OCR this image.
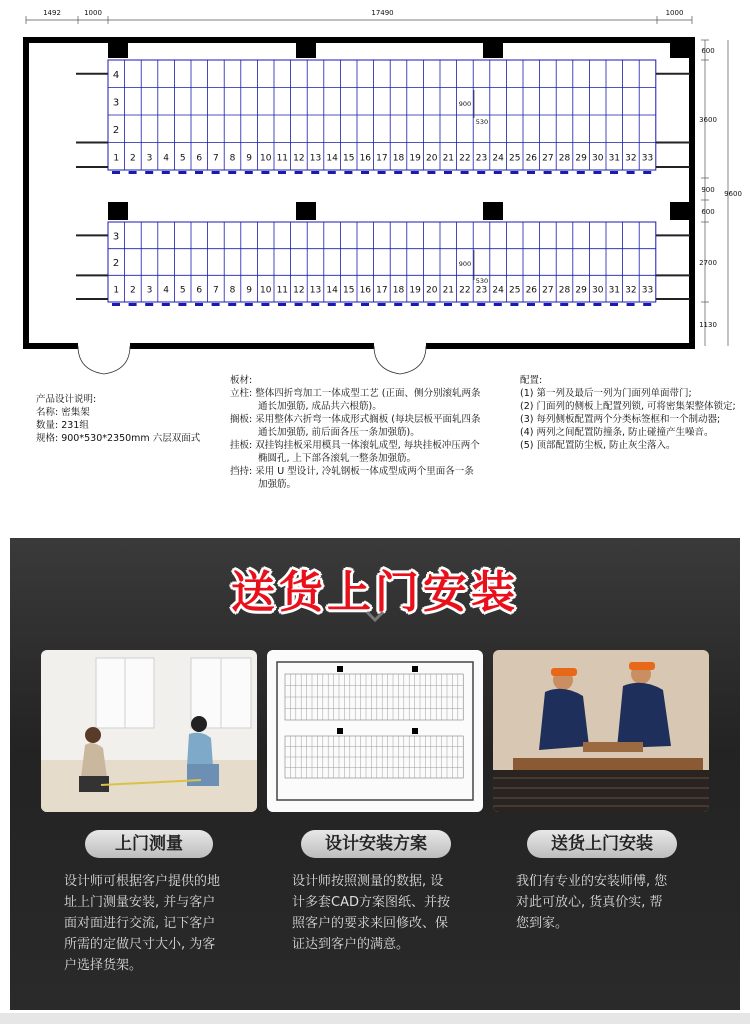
1492	1000	17490	1000
600
3600
900
600
2700
1130
9600
4
3
2
1 2 3 4 5 6 7 8 9 10 11 12 13 14 15 16 17 18 19 20 21 22 23 24 25 26 27 28 29 30 31 32 33
3
2
1 2 3 4 5 6 7 8 9 10 11 12 13 14 15 16 17 18 19 20 21 22 23 24 25 26 27 28 29 30 31 32 33
900
530
900
530

产品设计说明:

名称: 密集架

数量: 231组

规格: 900*530*2350mm 六层双面式

板材:

立柱: 整体四折弯加工一体成型工艺 (正面、侧分别滚轧两条

通长加强筋, 成品共六根筋)。

搁板: 采用整体六折弯一体成形式搁板 (每块层板平面轧四条

通长加强筋, 前后面各压一条加强筋)。

挂板: 双挂钩挂板采用模具一体滚轧成型, 每块挂板冲压两个

椭圆孔, 上下部各滚轧一整条加强筋。

挡持: 采用 U 型设计, 冷轧钢板一体成型成两个里面各一条

加强筋。

配置:

(1) 第一列及最后一列为门面列单面带门;

(2) 门面列的侧板上配置列锁, 可将密集架整体锁定;

(3) 每列侧板配置两个分类标签框和一个制动器;

(4) 两列之间配置防撞条, 防止碰撞产生噪音。

(5) 顶部配置防尘板, 防止灰尘落入。

送货上门安装
上门测量	设计安装方案	送货上门安装
设计师可根据客户提供的地
址上门测量安装, 并与客户
面对面进行交流, 记下客户
所需的定做尺寸大小, 为客
户选择货架。
设计师按照测量的数据, 设
计多套CAD方案图纸、并按
照客户的要求来回修改、保
证达到客户的满意。
我们有专业的安装师傅, 您
对此可放心, 货真价实, 帮
您到家。
